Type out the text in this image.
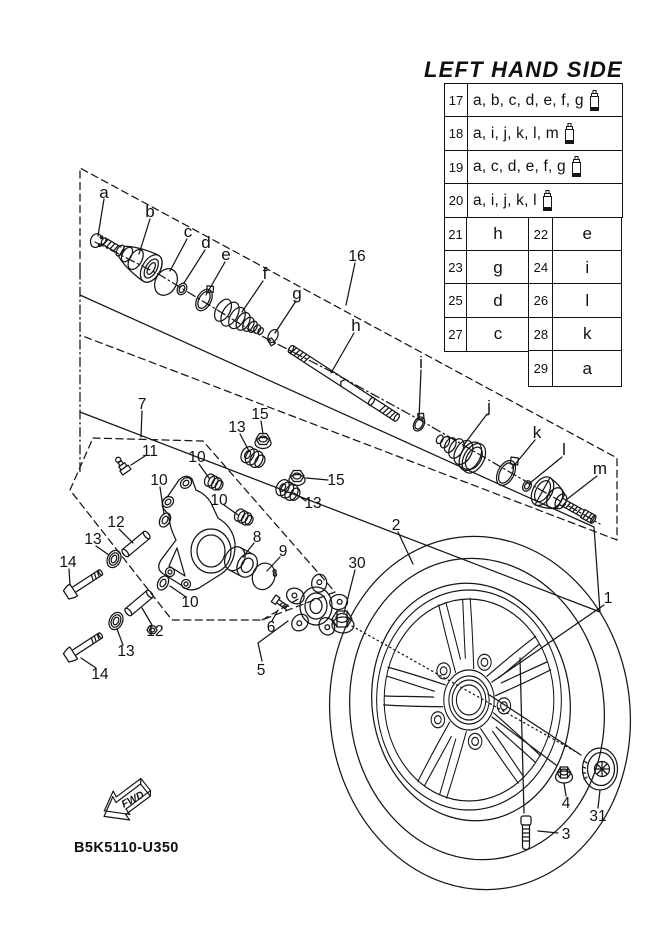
a
b
c
d
e
f
g
16
h
i
j
k
l
m
7
11
15
13
10
10
10
15
13
12
13
14
8
9
10
12
13
14
6
5
30
2
1
3
4
31
FWD
LEFT HAND SIDE
17 a, b, c, d, e, f, g
18 a, i, j, k, l, m
19 a, c, d, e, f, g
20 a, i, j, k, l
21	h	22	e
23	g	24	i
25	d	26	l
27	c	28	k
29	a
B5K5110-U350
